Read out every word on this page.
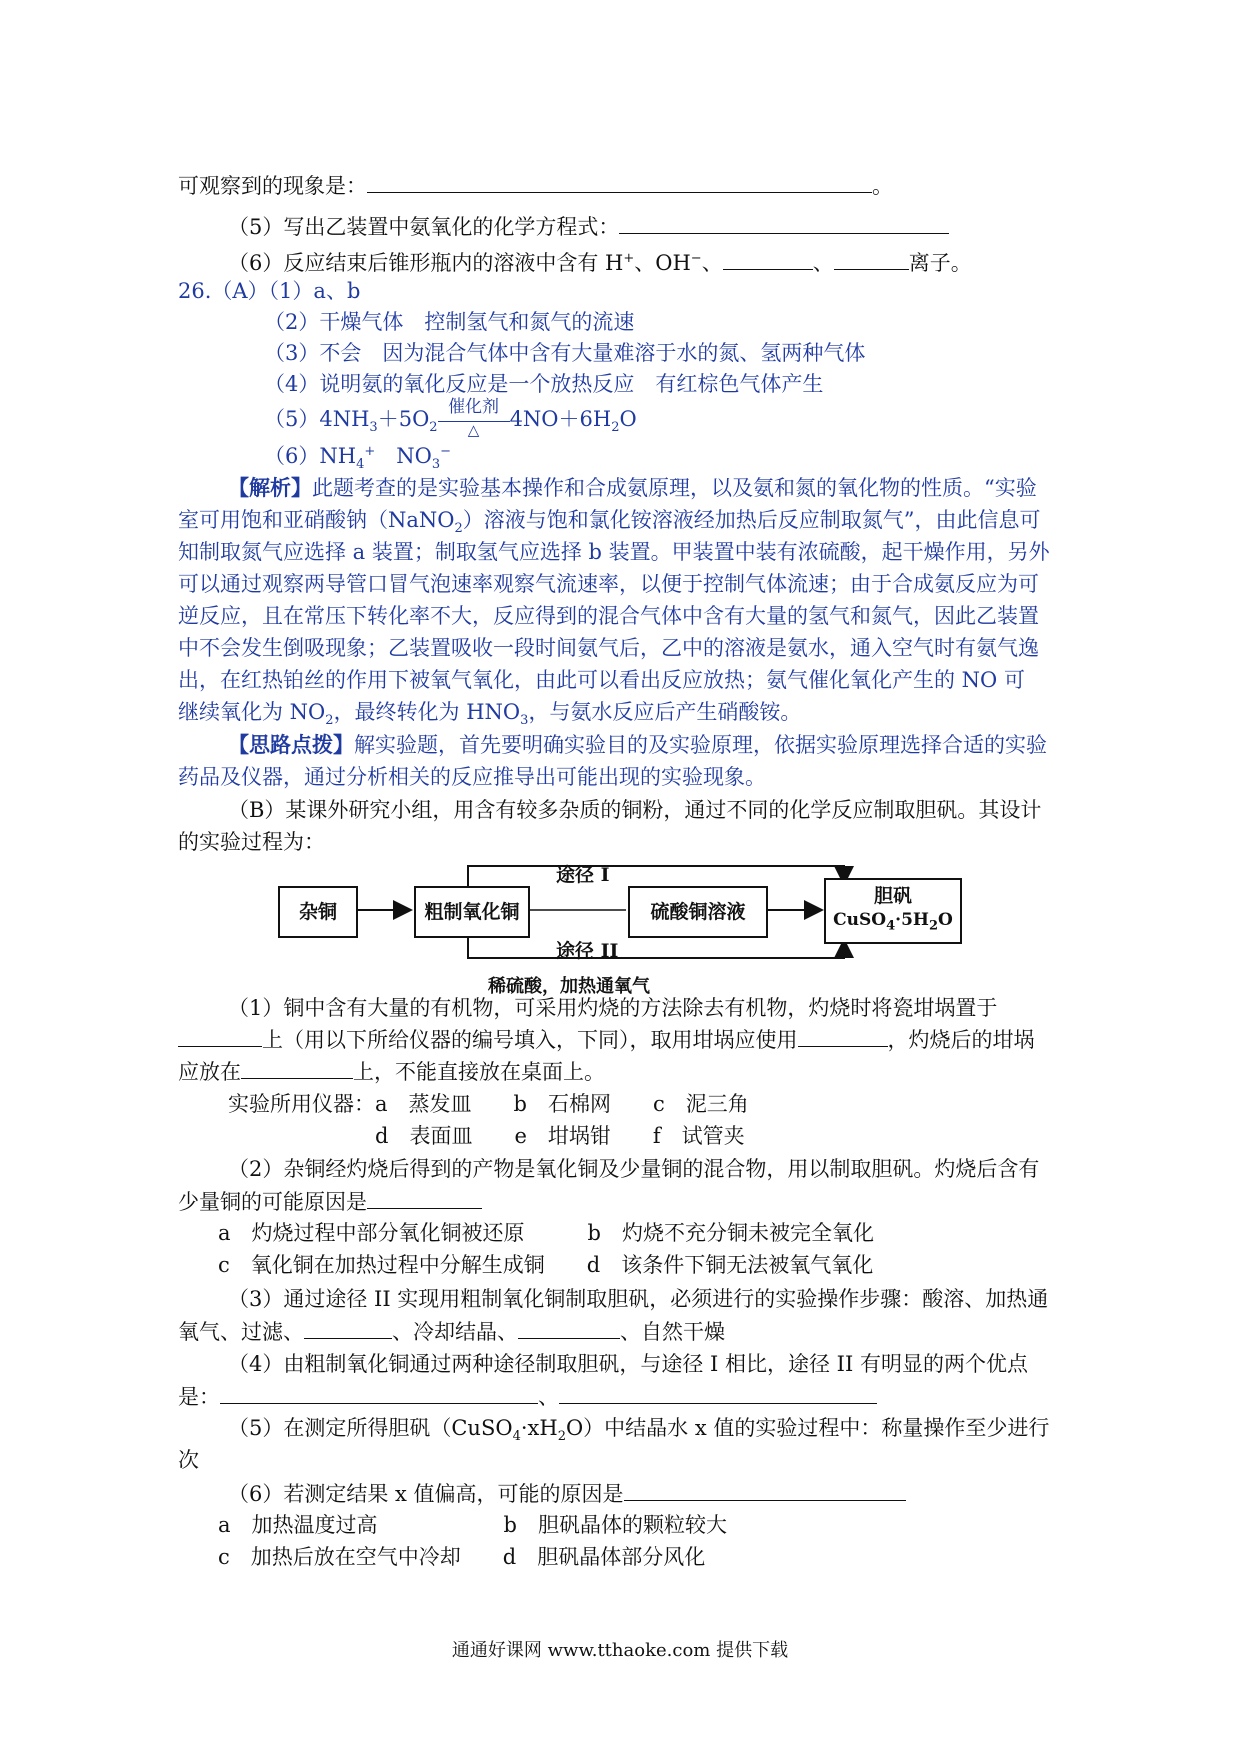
可观察到的现象是：	。
（5）写出乙装置中氨氧化的化学方程式：
（6）反应结束后锥形瓶内的溶液中含有 H+、OH−、	、	离子。
26.（A）（1）a、b
（2）干燥气体　控制氢气和氮气的流速
（3）不会　因为混合气体中含有大量难溶于水的氮、氢两种气体
（4）说明氨的氧化反应是一个放热反应　有红棕色气体产生
$(5)4NH_3+5O_2$
催化剂
△	$4NO+6H_2O$
$(6)NH_4^+$　$NO_3^-$
【解析】此题考查的是实验基本操作和合成氨原理，以及氨和氮的氧化物的性质。“实验
室可用饱和亚硝酸钠（NaNO$_2$）溶液与饱和氯化铵溶液经加热后反应制取氮气”，由此信息可
知制取氮气应选择 a 装置；制取氢气应选择 b 装置。甲装置中装有浓硫酸，起干燥作用，另外
可以通过观察两导管口冒气泡速率观察气流速率，以便于控制气体流速；由于合成氨反应为可
逆反应，且在常压下转化率不大，反应得到的混合气体中含有大量的氢气和氮气，因此乙装置
中不会发生倒吸现象；乙装置吸收一段时间氨气后，乙中的溶液是氨水，通入空气时有氨气逸
出，在红热铂丝的作用下被氧气氧化，由此可以看出反应放热；氨气催化氧化产生的 NO 可
继续氧化为 $NO_2$，最终转化为 $HNO_3$，与氨水反应后产生硝酸铵。
【思路点拨】解实验题，首先要明确实验目的及实验原理，依据实验原理选择合适的实验
药品及仪器，通过分析相关的反应推导出可能出现的实验现象。
（B）某课外研究小组，用含有较多杂质的铜粉，通过不同的化学反应制取胆矾。其设计
的实验过程为：
杂铜	粗制氧化铜
途径 I
途径 II
硫酸铜溶液
胆矾
$CuSO_4\cdot 5H_2O$
稀硫酸，加热通氧气
（1）铜中含有大量的有机物，可采用灼烧的方法除去有机物，灼烧时将瓷坩埚置于
上（用以下所给仪器的编号填入，下同），取用坩埚应使用	，灼烧后的坩埚
应放在	上，不能直接放在桌面上。
实验所用仪器：a　蒸发皿　　b　石棉网　　c　泥三角
d　表面皿　　e　坩埚钳　　f　试管夹
（2）杂铜经灼烧后得到的产物是氧化铜及少量铜的混合物，用以制取胆矾。灼烧后含有
少量铜的可能原因是
a　灼烧过程中部分氧化铜被还原　　　b　灼烧不充分铜未被完全氧化
c　氧化铜在加热过程中分解生成铜　　d　该条件下铜无法被氧气氧化
（3）通过途径 II 实现用粗制氧化铜制取胆矾，必须进行的实验操作步骤：酸溶、加热通
氧气、过滤、	、冷却结晶、	、自然干燥
（4）由粗制氧化铜通过两种途径制取胆矾，与途径 I 相比，途径 II 有明显的两个优点
是：	、
（5）在测定所得胆矾$(CuSO_4\cdot xH_2O)$中结晶水 x 值的实验过程中：称量操作至少进行
次
（6）若测定结果 x 值偏高，可能的原因是
a　加热温度过高　　　　　　b　胆矾晶体的颗粒较大
c　加热后放在空气中冷却　　d　胆矾晶体部分风化
通通好课网 www.tthaoke.com 提供下载
